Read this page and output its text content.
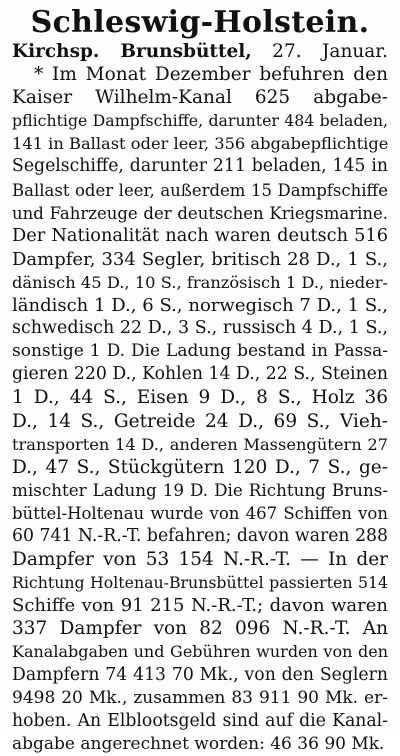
Schleswig-Holstein.
Kirchsp. Brunsbüttel, 27. Januar.
* Im Monat Dezember befuhren den
Kaiser Wilhelm-Kanal 625 abgabe-
pflichtige Dampfschiffe, darunter 484 beladen,
141 in Ballast oder leer, 356 abgabepflichtige
Segelschiffe, darunter 211 beladen, 145 in
Ballast oder leer, außerdem 15 Dampfschiffe
und Fahrzeuge der deutschen Kriegsmarine.
Der Nationalität nach waren deutsch 516
Dampfer, 334 Segler, britisch 28 D., 1 S.,
dänisch 45 D., 10 S., französisch 1 D., nieder-
ländisch 1 D., 6 S., norwegisch 7 D., 1 S.,
schwedisch 22 D., 3 S., russisch 4 D., 1 S.,
sonstige 1 D. Die Ladung bestand in Passa-
gieren 220 D., Kohlen 14 D., 22 S., Steinen
1 D., 44 S., Eisen 9 D., 8 S., Holz 36
D., 14 S., Getreide 24 D., 69 S., Vieh-
transporten 14 D., anderen Massengütern 27
D., 47 S., Stückgütern 120 D., 7 S., ge-
mischter Ladung 19 D. Die Richtung Bruns-
büttel-Holtenau wurde von 467 Schiffen von
60 741 N.-R.-T. befahren; davon waren 288
Dampfer von 53 154 N.-R.-T. — In der
Richtung Holtenau-Brunsbüttel passierten 514
Schiffe von 91 215 N.-R.-T.; davon waren
337 Dampfer von 82 096 N.-R.-T. An
Kanalabgaben und Gebühren wurden von den
Dampfern 74 413 70 Mk., von den Seglern
9498 20 Mk., zusammen 83 911 90 Mk. er-
hoben. An Elblootsgeld sind auf die Kanal-
abgabe angerechnet worden: 46 36 90 Mk.
